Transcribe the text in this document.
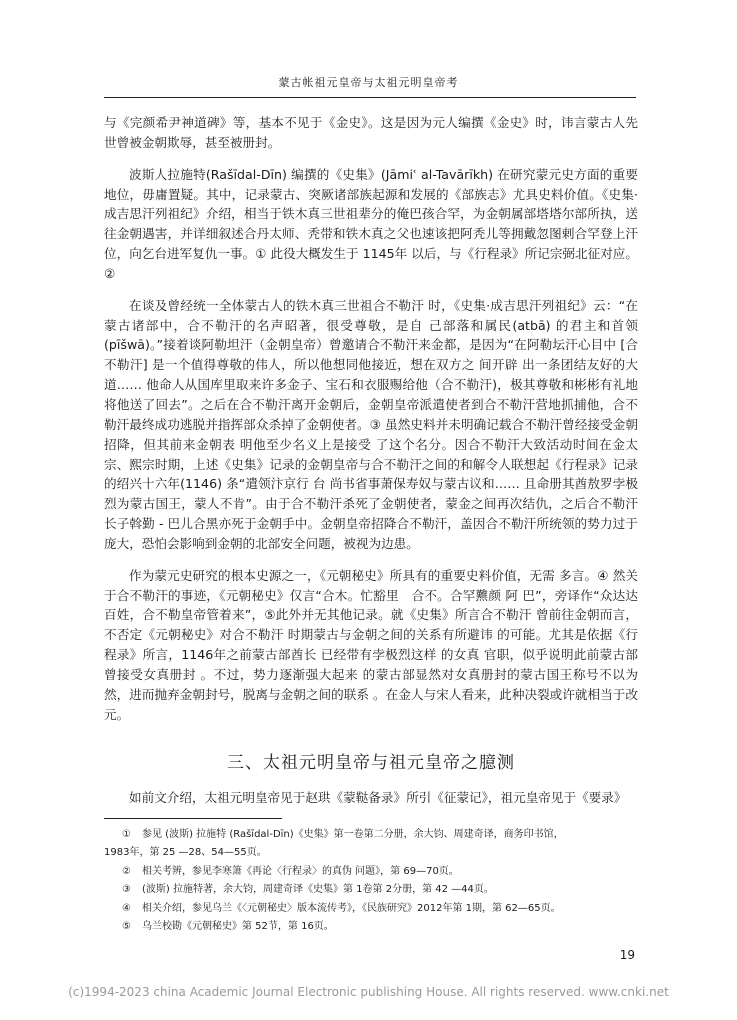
蒙古帐祖元皇帝与太祖元明皇帝考

与《完颜希尹神道碑》等，基本不见于《金史》。这是因为元人编撰《金史》时，讳言蒙古人先世曾被金朝欺辱，甚至被册封。

波斯人拉施特(Rašīdal-Dīn) 编撰的《史集》(Jāmiʿ al-Tavārīkh) 在研究蒙元史方面的重要地位，毋庸置疑。其中，记录蒙古、突厥诸部族起源和发展的《部族志》尤具史料价值。《史集·成吉思汗列祖纪》介绍，相当于铁木真三世祖辈分的俺巴孩合罕，为金朝属部塔塔尔部所执，送往金朝遇害，并详细叙述合丹太师、秃带和铁木真之父也速该把阿秃儿等拥戴忽图剌合罕登上汗位，向乞台进军复仇一事。① 此役大概发生于 1145年 以后，与《行程录》所记宗弼北征对应。②

在谈及曾经统一全体蒙古人的铁木真三世祖合不勒汗 时，《史集·成吉思汗列祖纪》云：“在蒙古诸部中，合不勒汗的名声昭著，很受尊敬，是自 己部落和属民(atbā) 的君主和首领(pīšwā)。”接着谈阿勒坦汗（金朝皇帝）曾邀请合不勒汗来金都，是因为“在阿勒坛汗心目中 [合不勒汗] 是一个值得尊敬的伟人，所以他想同他接近，想在双方之 间开辟 出一条团结友好的大道…… 他命人从国库里取来许多金子、宝石和衣服赐给他（合不勒汗)，极其尊敬和彬彬有礼地将他送了回去”。之后在合不勒汗离开金朝后，金朝皇帝派遣使者到合不勒汗营地抓捕他，合不勒汗最终成功逃脱并指挥部众杀掉了金朝使者。③ 虽然史料并未明确记载合不勒汗曾经接受金朝招降，但其前来金朝表 明他至少名义上是接受 了这个名分。因合不勒汗大致活动时间在金太宗、熙宗时期，上述《史集》记录的金朝皇帝与合不勒汗之间的和解令人联想起《行程录》记录的绍兴十六年(1146) 条“遣领汴京行 台 尚书省事萧保寿奴与蒙古议和…… 且命册其酋敖罗孛极烈为蒙古国王，蒙人不肯”。由于合不勒汗杀死了金朝使者，蒙金之间再次结仇，之后合不勒汗长子斡勤 - 巴儿合黑亦死于金朝手中。金朝皇帝招降合不勒汗，盖因合不勒汗所统领的势力过于庞大，恐怕会影响到金朝的北部安全问题，被视为边患。

作为蒙元史研究的根本史源之一，《元朝秘史》所具有的重要史料价值，无需 多言。④ 然关于合不勒汗的事迹，《元朝秘史》仅言“合木。忙豁里　合不。合罕㸐颜 阿 巴”，旁译作“众达达百姓，合不勒皇帝管着来”，⑤此外并无其他记录。就《史集》所言合不勒汗 曾前往金朝而言，不否定《元朝秘史》对合不勒汗 时期蒙古与金朝之间的关系有所避讳 的可能。尤其是依据《行程录》所言，1146年之前蒙古部酋长 已经带有孛极烈这样 的女真 官职，似乎说明此前蒙古部曾接受女真册封 。不过，势力逐渐强大起来 的蒙古部显然对女真册封的蒙古国王称号不以为然，进而抛弃金朝封号，脱离与金朝之间的联系 。在金人与宋人看来，此种决裂或许就相当于改元。

三、太祖元明皇帝与祖元皇帝之臆测

如前文介绍，太祖元明皇帝见于赵珙《蒙鞑备录》所引《征蒙记》，祖元皇帝见于《要录》

① 参见 (波斯) 拉施特 (Rašīdal-Dīn)《史集》第一卷第二分册，余大钧、周建奇译，商务印书馆，

1983年，第 25 —28、54—55页。

② 相关考辨，参见李寒箫《再论〈行程录〉的真伪 问题》，第 69—70页。

③ (波斯) 拉施特著，余大钧，周建奇译《史集》第 1卷第 2分册，第 42 —44页。

④ 相关介绍，参见乌兰《〈元朝秘史〉版本流传考》，《民族研究》2012年第 1期，第 62—65页。

⑤ 乌兰校勘《元朝秘史》第 52节，第 16页。

19
(c)1994-2023 china Academic Journal Electronic publishing House. All rights reserved. www.cnki.net
